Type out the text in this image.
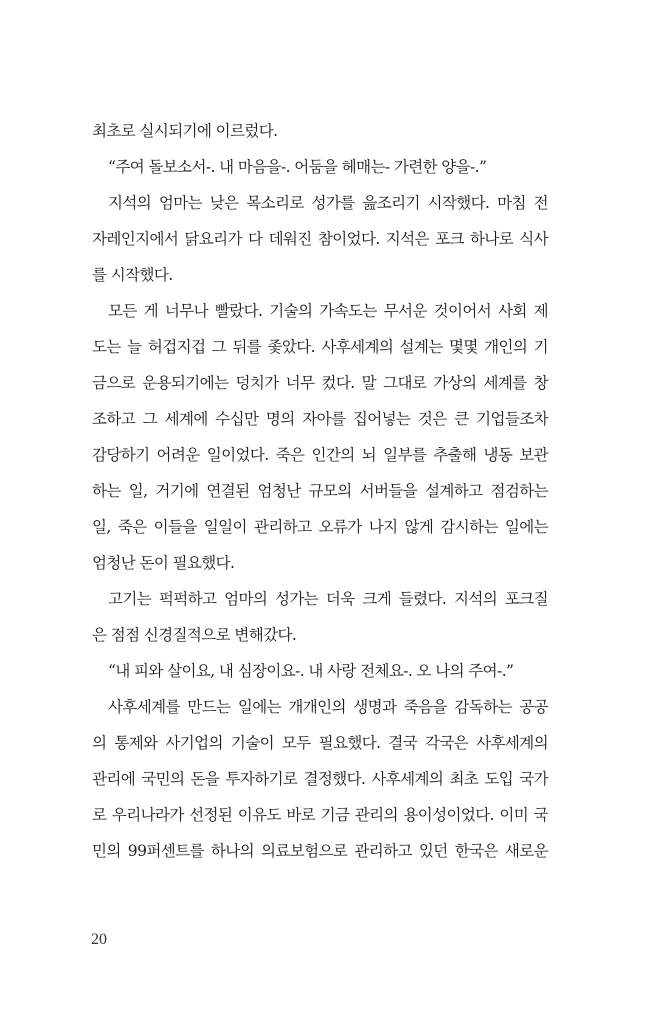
최초로 실시되기에 이르렀다.
“주여 돌보소서-. 내 마음을-. 어둠을 헤매는- 가련한 양을-.”
지석의 엄마는 낮은 목소리로 성가를 읊조리기 시작했다. 마침 전
자레인지에서 닭요리가 다 데워진 참이었다. 지석은 포크 하나로 식사
를 시작했다.
모든 게 너무나 빨랐다. 기술의 가속도는 무서운 것이어서 사회 제
도는 늘 허겁지겁 그 뒤를 좇았다. 사후세계의 설계는 몇몇 개인의 기
금으로 운용되기에는 덩치가 너무 컸다. 말 그대로 가상의 세계를 창
조하고 그 세계에 수십만 명의 자아를 집어넣는 것은 큰 기업들조차
감당하기 어려운 일이었다. 죽은 인간의 뇌 일부를 추출해 냉동 보관
하는 일, 거기에 연결된 엄청난 규모의 서버들을 설계하고 점검하는
일, 죽은 이들을 일일이 관리하고 오류가 나지 않게 감시하는 일에는
엄청난 돈이 필요했다.
고기는 퍽퍽하고 엄마의 성가는 더욱 크게 들렸다. 지석의 포크질
은 점점 신경질적으로 변해갔다.
“내 피와 살이요, 내 심장이요-. 내 사랑 전체요-. 오 나의 주여-.”
사후세계를 만드는 일에는 개개인의 생명과 죽음을 감독하는 공공
의 통제와 사기업의 기술이 모두 필요했다. 결국 각국은 사후세계의
관리에 국민의 돈을 투자하기로 결정했다. 사후세계의 최초 도입 국가
로 우리나라가 선정된 이유도 바로 기금 관리의 용이성이었다. 이미 국
민의 99퍼센트를 하나의 의료보험으로 관리하고 있던 한국은 새로운
20
